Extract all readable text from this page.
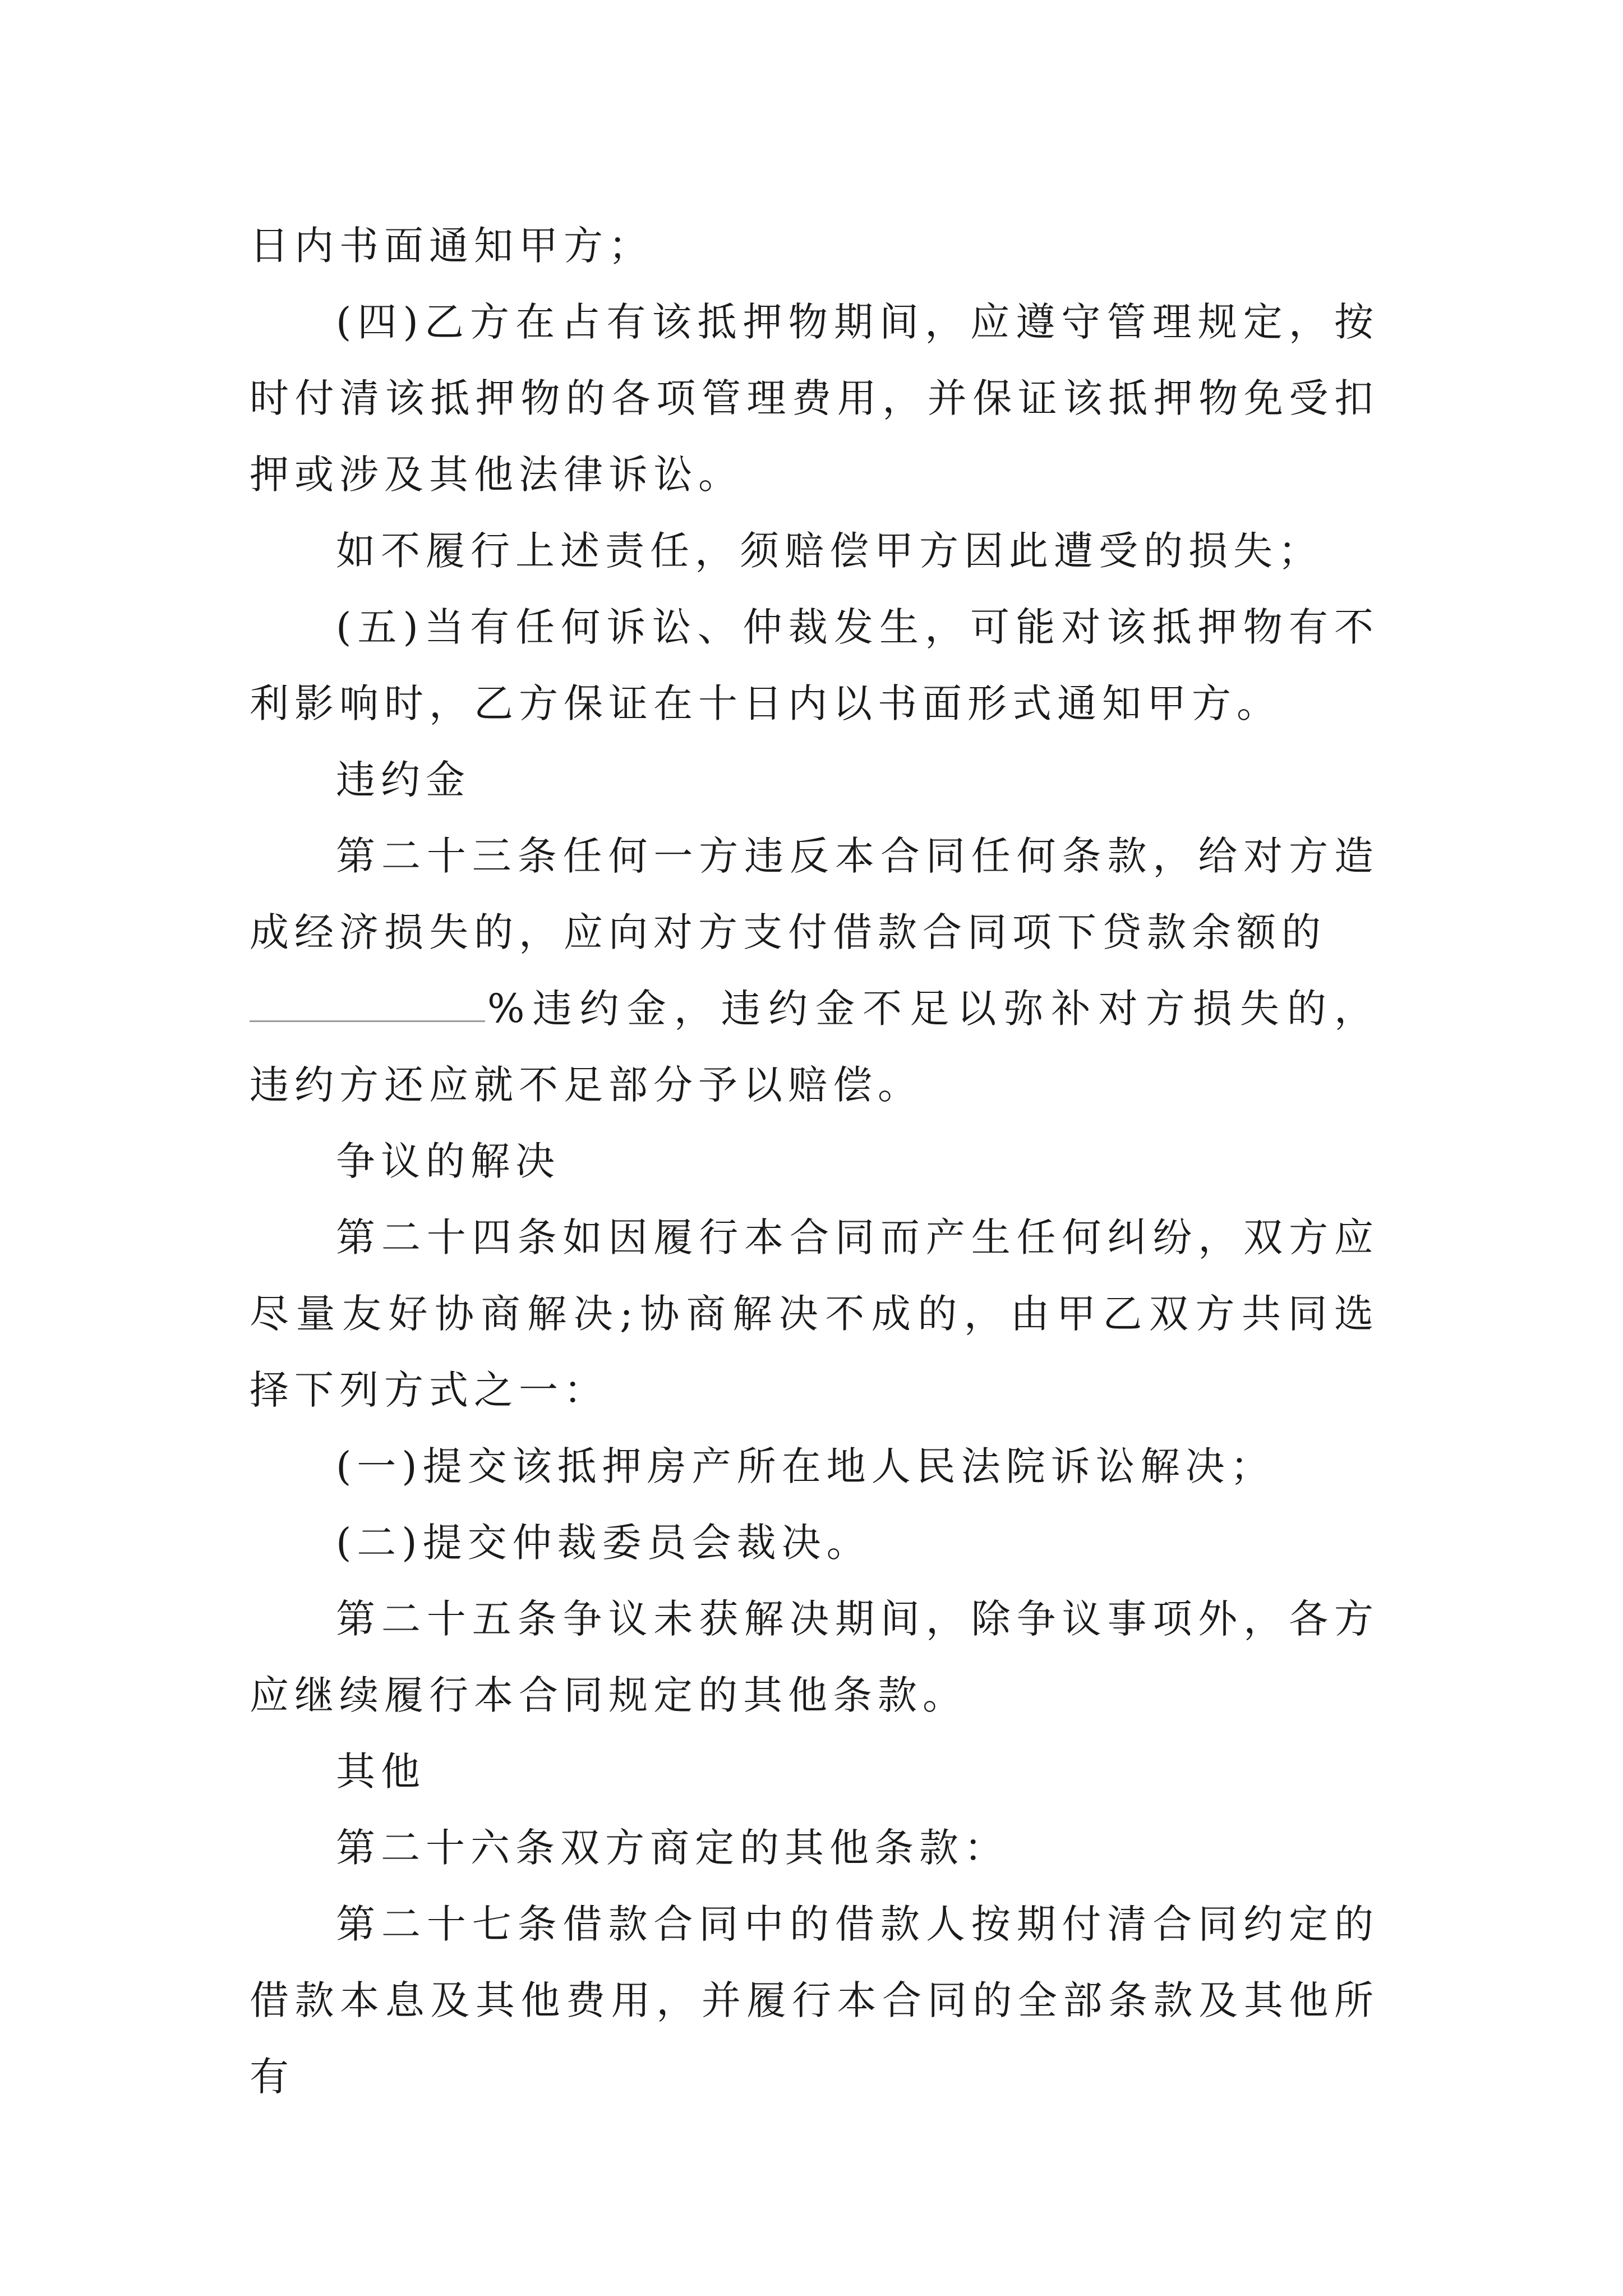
日内书面通知甲方；

(四)乙方在占有该抵押物期间，应遵守管理规定，按时付清该抵押物的各项管理费用，并保证该抵押物免受扣押或涉及其他法律诉讼。

如不履行上述责任，须赔偿甲方因此遭受的损失；

(五)当有任何诉讼、仲裁发生，可能对该抵押物有不利影响时，乙方保证在十日内以书面形式通知甲方。

违约金

第二十三条任何一方违反本合同任何条款，给对方造成经济损失的，应向对方支付借款合同项下贷款余额的

%违约金，违约金不足以弥补对方损失的，违约方还应就不足部分予以赔偿。

争议的解决

第二十四条如因履行本合同而产生任何纠纷，双方应尽量友好协商解决;协商解决不成的，由甲乙双方共同选择下列方式之一：

(一)提交该抵押房产所在地人民法院诉讼解决；

(二)提交仲裁委员会裁决。

第二十五条争议未获解决期间，除争议事项外，各方应继续履行本合同规定的其他条款。

其他

第二十六条双方商定的其他条款：

第二十七条借款合同中的借款人按期付清合同约定的借款本息及其他费用，并履行本合同的全部条款及其他所有
